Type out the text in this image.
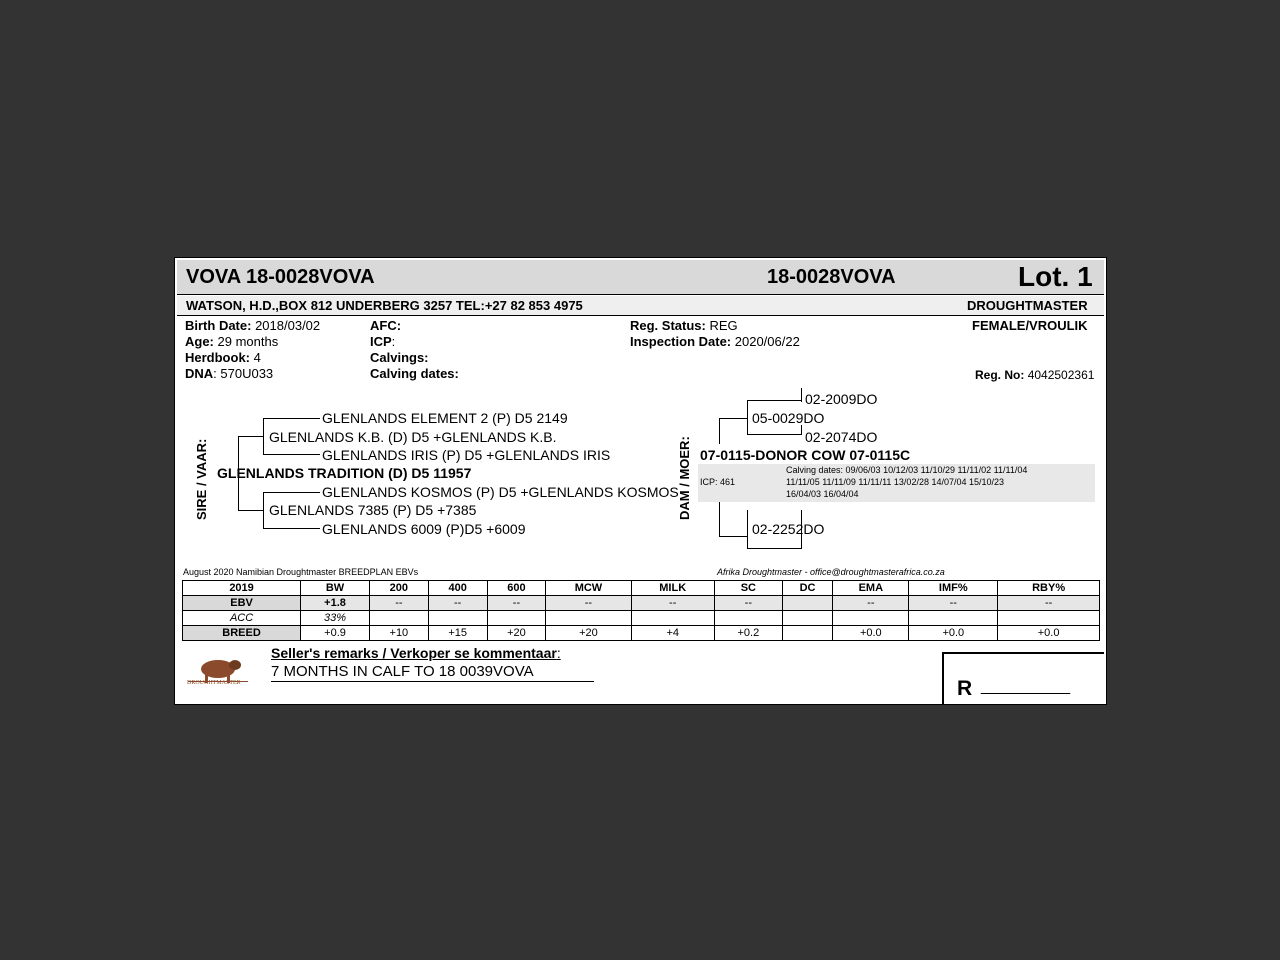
VOVA 18-0028VOVA	18-0028VOVA	Lot. 1
WATSON, H.D.,BOX 812 UNDERBERG 3257 TEL:+27 82 853 4975	DROUGHTMASTER
Birth Date: 2018/03/02
Age: 29 months
Herdbook: 4
DNA: 570U033
AFC:
ICP:
Calvings:
Calving dates:
Reg. Status: REG
Inspection Date: 2020/06/22
FEMALE/VROULIK
Reg. No: 4042502361
SIRE / VAAR:
GLENLANDS ELEMENT 2 (P) D5 2149
GLENLANDS K.B. (D) D5 +GLENLANDS K.B.
GLENLANDS IRIS (P) D5 +GLENLANDS IRIS
GLENLANDS TRADITION (D) D5 11957
GLENLANDS KOSMOS (P) D5 +GLENLANDS KOSMOS
GLENLANDS 7385 (P) D5 +7385
GLENLANDS 6009 (P)D5 +6009
DAM / MOER:
02-2009DO
05-0029DO
02-2074DO
07-0115-DONOR COW 07-0115C
ICP: 461
Calving dates: 09/06/03 10/12/03 11/10/29 11/11/02 11/11/04
11/11/05 11/11/09 11/11/11 13/02/28 14/07/04 15/10/23
16/04/03 16/04/04
02-2252DO
August 2020 Namibian Droughtmaster BREEDPLAN EBVs	Afrika Droughtmaster - office@droughtmasterafrica.co.za
2019	BW	200	400	600	MCW	MILK	SC	DC	EMA	IMF%	RBY%
EBV	+1.8	--	--	--	--	--	--		--	--	--
ACC	33%										
BREED	+0.9	+10	+15	+20	+20	+4	+0.2		+0.0	+0.0	+0.0
DROUGHTMASTER
Seller's remarks / Verkoper se kommentaar:
7 MONTHS IN CALF TO 18 0039VOVA
R __________
